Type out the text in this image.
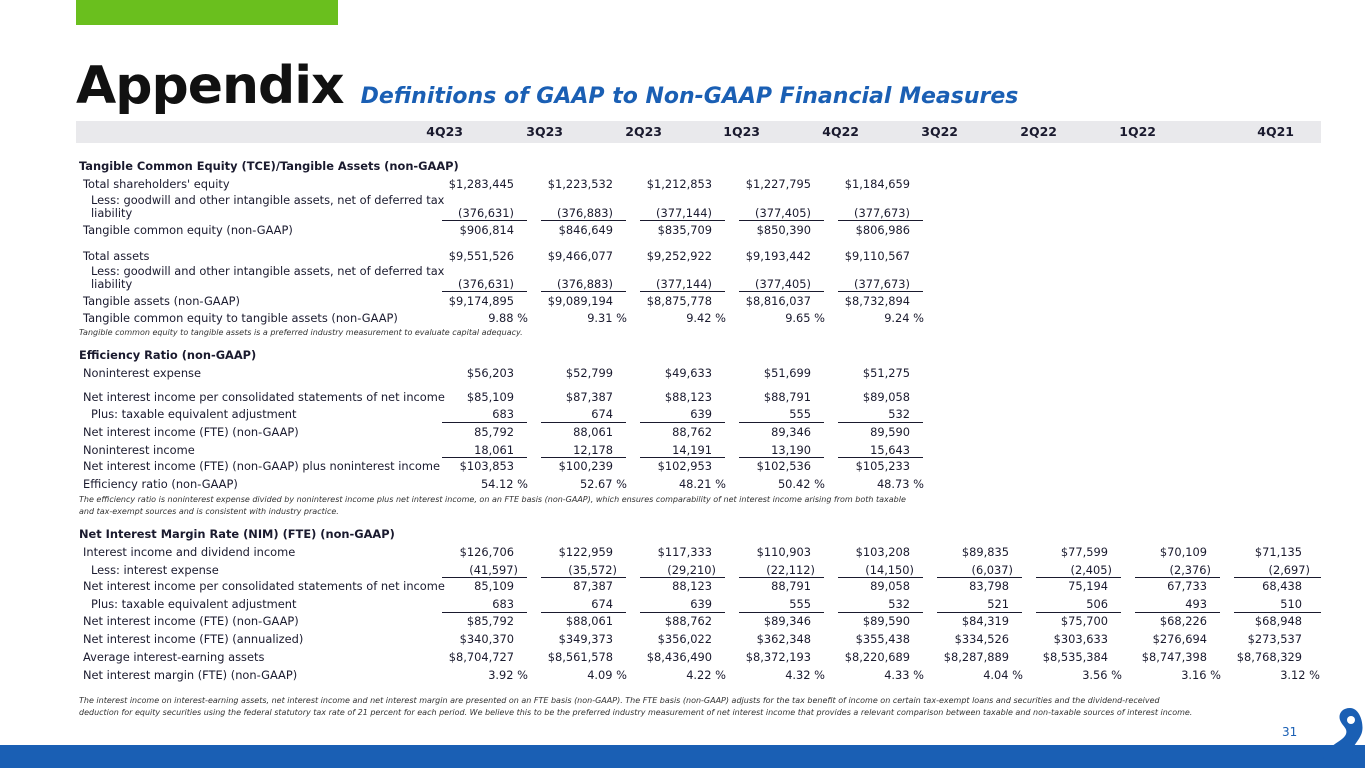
Appendix Definitions of GAAP to Non-GAAP Financial Measures
4Q23	3Q23	2Q23	1Q23	4Q22	3Q22	2Q22	1Q22	4Q21
Tangible Common Equity (TCE)/Tangible Assets (non-GAAP)
Total shareholders' equity	$1,283,445	$1,223,532	$1,212,853	$1,227,795	$1,184,659
Less: goodwill and other intangible assets, net of deferred tax
liability	(376,631)	(376,883)	(377,144)	(377,405)	(377,673)
Tangible common equity (non-GAAP)	$906,814	$846,649	$835,709	$850,390	$806,986
Total assets	$9,551,526	$9,466,077	$9,252,922	$9,193,442	$9,110,567
Less: goodwill and other intangible assets, net of deferred tax
liability	(376,631)	(376,883)	(377,144)	(377,405)	(377,673)
Tangible assets (non-GAAP)	$9,174,895	$9,089,194	$8,875,778	$8,816,037	$8,732,894
Tangible common equity to tangible assets (non-GAAP)	9.88 %	9.31 %	9.42 %	9.65 %	9.24 %
Tangible common equity to tangible assets is a preferred industry measurement to evaluate capital adequacy.
Efficiency Ratio (non-GAAP)
Noninterest expense	$56,203	$52,799	$49,633	$51,699	$51,275
Net interest income per consolidated statements of net income	$85,109	$87,387	$88,123	$88,791	$89,058
Plus: taxable equivalent adjustment	683	674	639	555	532
Net interest income (FTE) (non-GAAP)	85,792	88,061	88,762	89,346	89,590
Noninterest income	18,061	12,178	14,191	13,190	15,643
Net interest income (FTE) (non-GAAP) plus noninterest income	$103,853	$100,239	$102,953	$102,536	$105,233
Efficiency ratio (non-GAAP)	54.12 %	52.67 %	48.21 %	50.42 %	48.73 %
The efficiency ratio is noninterest expense divided by noninterest income plus net interest income, on an FTE basis (non-GAAP), which ensures comparability of net interest income arising from both taxable
and tax-exempt sources and is consistent with industry practice.
Net Interest Margin Rate (NIM) (FTE) (non-GAAP)
Interest income and dividend income	$126,706	$122,959	$117,333	$110,903	$103,208	$89,835	$77,599	$70,109	$71,135
Less: interest expense	(41,597)	(35,572)	(29,210)	(22,112)	(14,150)	(6,037)	(2,405)	(2,376)	(2,697)
Net interest income per consolidated statements of net income	85,109	87,387	88,123	88,791	89,058	83,798	75,194	67,733	68,438
Plus: taxable equivalent adjustment	683	674	639	555	532	521	506	493	510
Net interest income (FTE) (non-GAAP)	$85,792	$88,061	$88,762	$89,346	$89,590	$84,319	$75,700	$68,226	$68,948
Net interest income (FTE) (annualized)	$340,370	$349,373	$356,022	$362,348	$355,438	$334,526	$303,633	$276,694	$273,537
Average interest-earning assets	$8,704,727	$8,561,578	$8,436,490	$8,372,193	$8,220,689	$8,287,889	$8,535,384	$8,747,398	$8,768,329
Net interest margin (FTE) (non-GAAP)	3.92 %	4.09 %	4.22 %	4.32 %	4.33 %	4.04 %	3.56 %	3.16 %	3.12 %
The interest income on interest-earning assets, net interest income and net interest margin are presented on an FTE basis (non-GAAP). The FTE basis (non-GAAP) adjusts for the tax benefit of income on certain tax-exempt loans and securities and the dividend-received
deduction for equity securities using the federal statutory tax rate of 21 percent for each period. We believe this to be the preferred industry measurement of net interest income that provides a relevant comparison between taxable and non-taxable sources of interest income.
31
